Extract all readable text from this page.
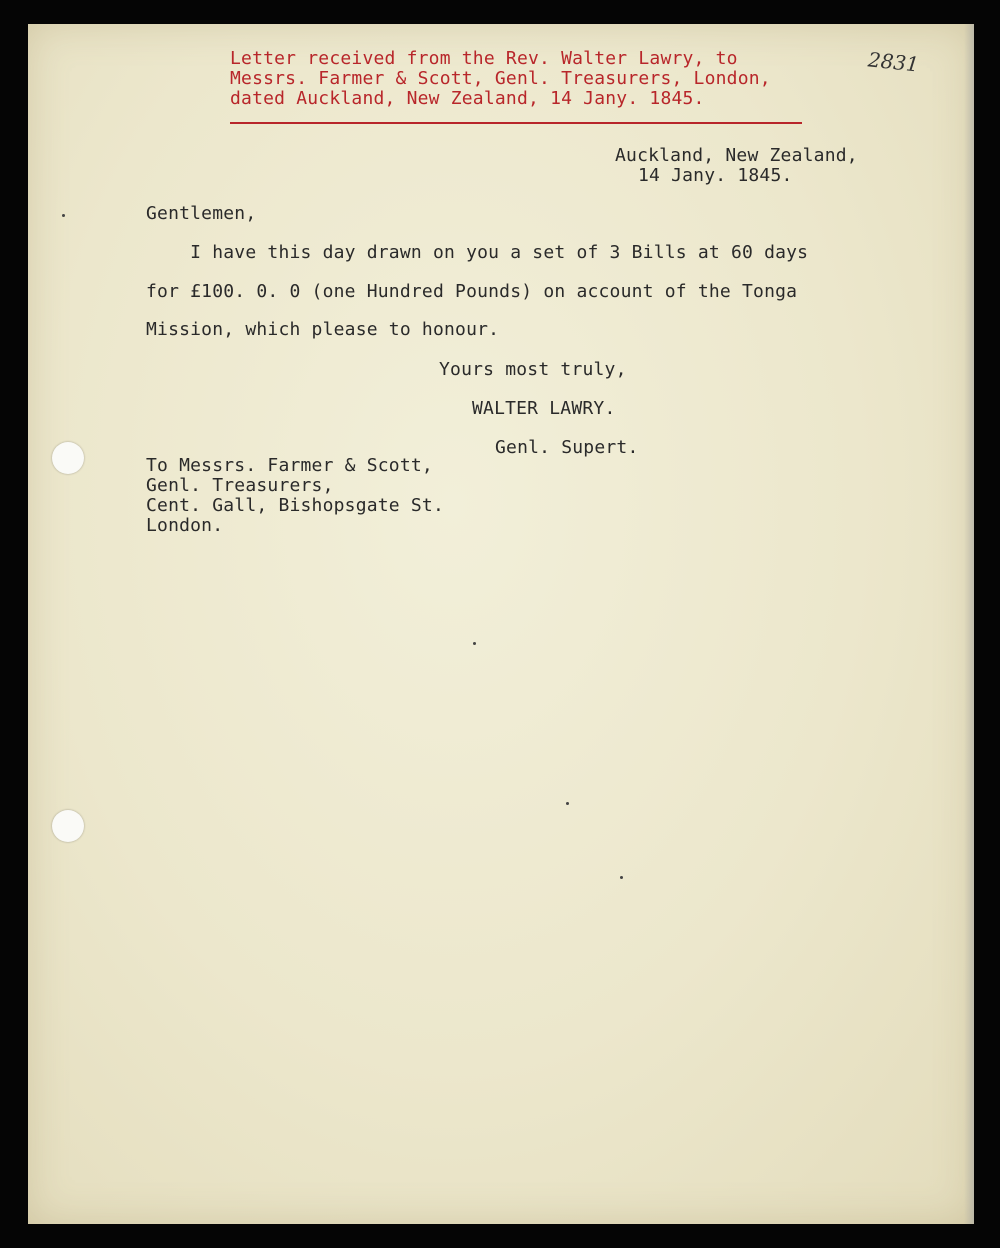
Letter received from the Rev. Walter Lawry, to
Messrs. Farmer & Scott, Genl. Treasurers, London,
dated Auckland, New Zealand, 14 Jany. 1845.
2831
Auckland, New Zealand,
14 Jany. 1845.
Gentlemen,
I have this day drawn on you a set of 3 Bills at 60 days
for £100. 0. 0 (one Hundred Pounds) on account of the Tonga
Mission, which please to honour.
Yours most truly,
WALTER LAWRY.
Genl. Supert.
To Messrs. Farmer & Scott,
Genl. Treasurers,
Cent. Gall, Bishopsgate St.
London.
